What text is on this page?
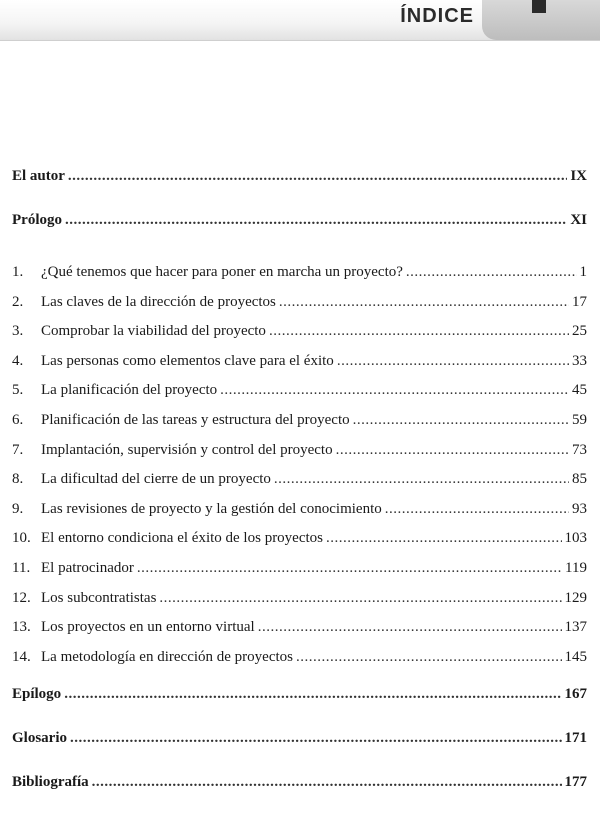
ÍNDICE
El autor .....	IX
Prólogo .....	XI
1.	¿Qué tenemos que hacer para poner en marcha un proyecto? .....	1
2.	Las claves de la dirección de proyectos .....	17
3.	Comprobar la viabilidad del proyecto .....	25
4.	Las personas como elementos clave para el éxito .....	33
5.	La planificación del proyecto .....	45
6.	Planificación de las tareas y estructura del proyecto .....	59
7.	Implantación, supervisión y control del proyecto .....	73
8.	La dificultad del cierre de un proyecto .....	85
9.	Las revisiones de proyecto y la gestión del conocimiento .....	93
10. El entorno condiciona el éxito de los proyectos .....	103
11. El patrocinador .....	119
12. Los subcontratistas .....	129
13. Los proyectos en un entorno virtual .....	137
14. La metodología en dirección de proyectos .....	145
Epílogo .....	167
Glosario .....	171
Bibliografía .....	177
